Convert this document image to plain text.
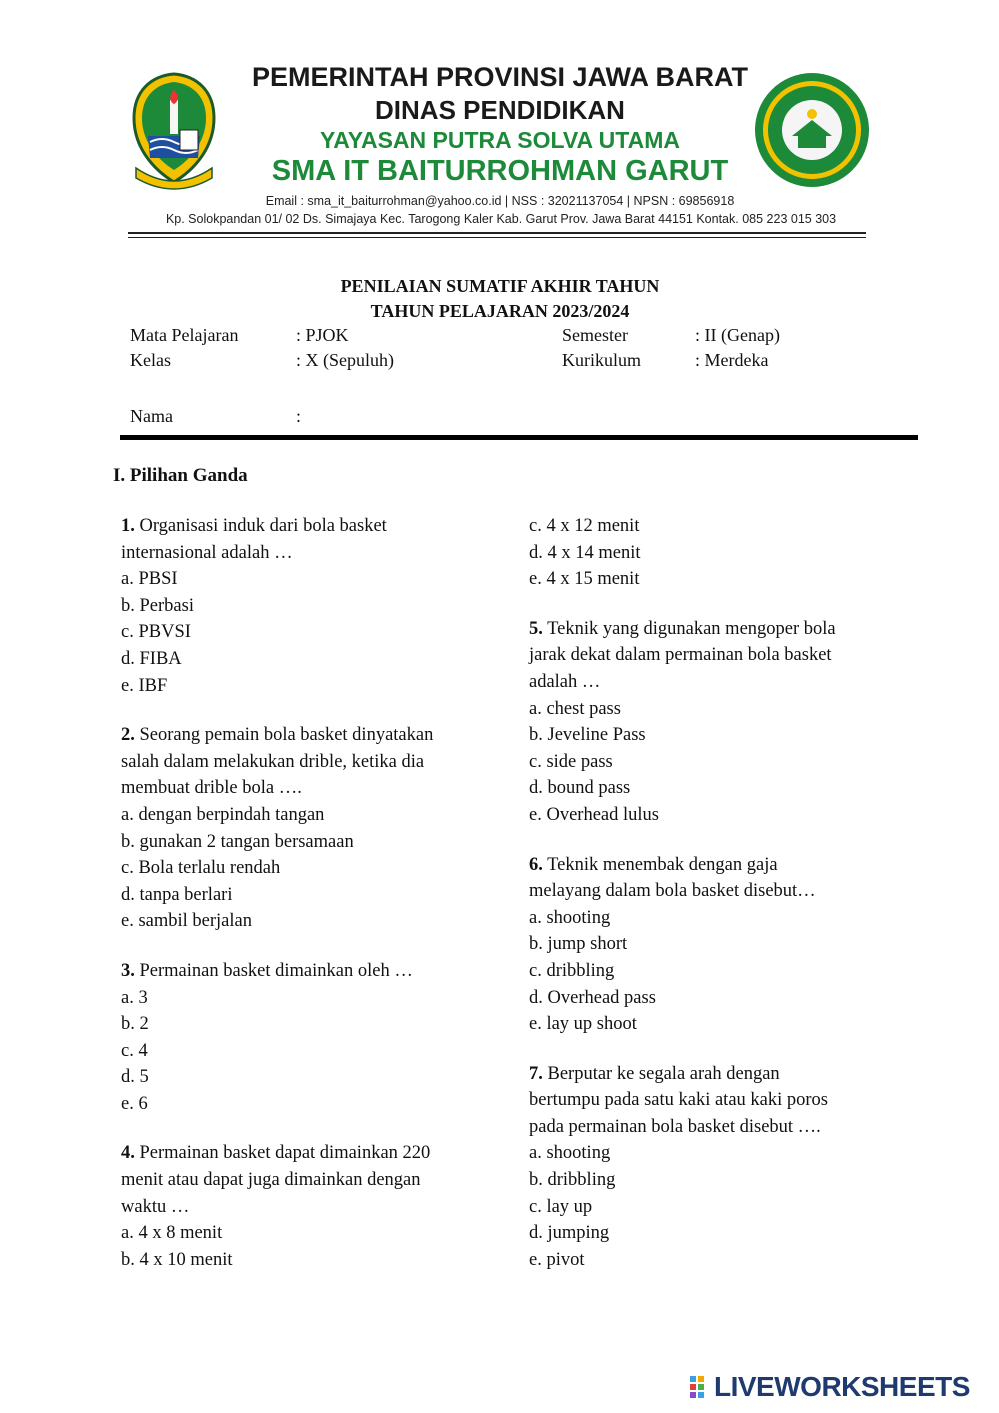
PEMERINTAH PROVINSI JAWA BARAT
DINAS PENDIDIKAN
YAYASAN PUTRA SOLVA UTAMA
SMA IT BAITURROHMAN GARUT
Email : sma_it_baiturrohman@yahoo.co.id | NSS : 32021137054 | NPSN : 69856918
Kp. Solokpandan 01/ 02 Ds. Simajaya Kec. Tarogong Kaler Kab. Garut Prov. Jawa Barat 44151 Kontak. 085 223 015 303
PENILAIAN SUMATIF AKHIR TAHUN
TAHUN PELAJARAN 2023/2024
Mata Pelajaran	: PJOK	Semester	: II (Genap)
Kelas	: X (Sepuluh)	Kurikulum	: Merdeka
Nama	:
I. Pilihan Ganda

1. Organisasi induk dari bola basket

internasional adalah …

a. PBSI

b. Perbasi

c. PBVSI

d. FIBA

e. IBF

2. Seorang pemain bola basket dinyatakan

salah dalam melakukan drible, ketika dia

membuat drible bola ….

a. dengan berpindah tangan

b. gunakan 2 tangan bersamaan

c. Bola terlalu rendah

d. tanpa berlari

e. sambil berjalan

3. Permainan basket dimainkan oleh …

a. 3

b. 2

c. 4

d. 5

e. 6

4. Permainan basket dapat dimainkan 220

menit atau dapat juga dimainkan dengan

waktu …

a. 4 x 8 menit

b. 4 x 10 menit

c. 4 x 12 menit

d. 4 x 14 menit

e. 4 x 15 menit

5. Teknik yang digunakan mengoper bola

jarak dekat dalam permainan bola basket

adalah …

a. chest pass

b. Jeveline Pass

c. side pass

d. bound pass

e. Overhead lulus

6. Teknik menembak dengan gaja

melayang dalam bola basket disebut…

a. shooting

b. jump short

c. dribbling

d. Overhead pass

e. lay up shoot

7. Berputar ke segala arah dengan

bertumpu pada satu kaki atau kaki poros

pada permainan bola basket disebut ….

a. shooting

b. dribbling

c. lay up

d. jumping

e. pivot

LIVEWORKSHEETS
